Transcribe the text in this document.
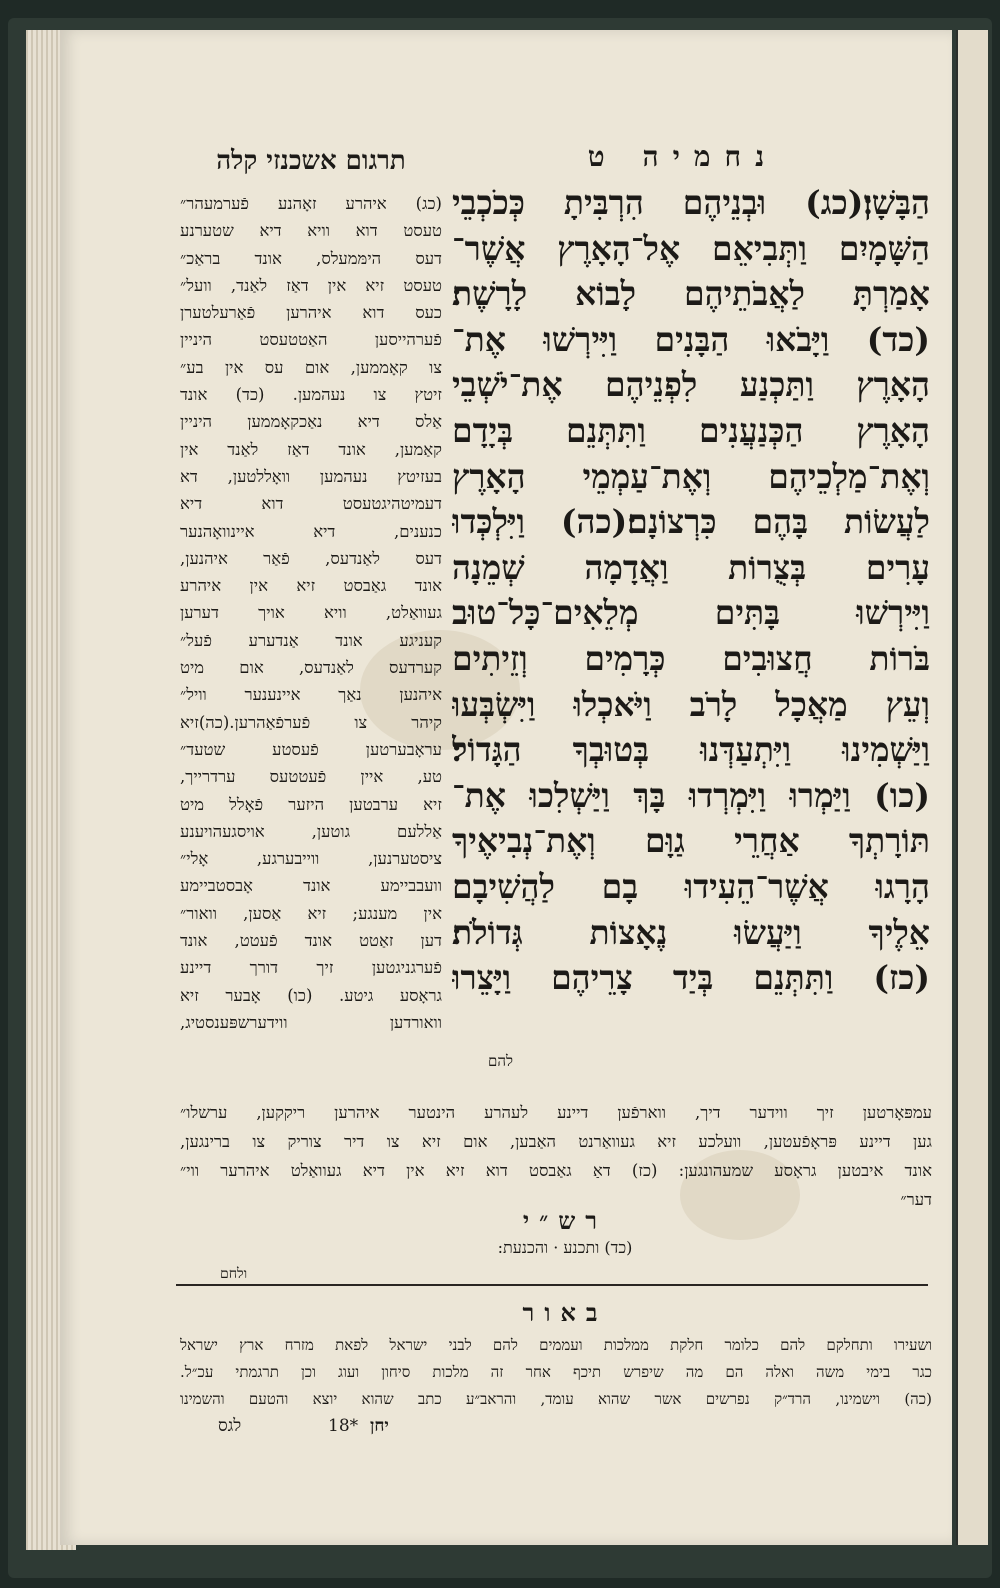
נחמיה ט
תרגום אשכנזי קלה
הַבָּשָׁן׃(כג) וּבְנֵיהֶם הִרְבִּיתָ כְּכֹכְבֵי
הַשָּׁמָיִם וַתְּבִיאֵם אֶל־הָאָרֶץ אֲשֶׁר־
אָמַרְתָּ לַאֲבֹתֵיהֶם לָבוֹא לָרָשֶׁת׃
(כד) וַיָּבֹאוּ הַבָּנִים וַיִּירְשׁוּ אֶת־
הָאָרֶץ וַתַּכְנַע לִפְנֵיהֶם אֶת־יֹשְׁבֵי
הָאָרֶץ הַכְּנַעֲנִים וַתִּתְּנֵם בְּיָדָם
וְאֶת־מַלְכֵיהֶם וְאֶת־עַמְמֵי הָאָרֶץ
לַעֲשׂוֹת בָּהֶם כִּרְצוֹנָם׃(כה) וַיִּלְכְּדוּ
עָרִים בְּצֻרוֹת וַאֲדָמָה שְׁמֵנָה
וַיִּירְשׁוּ בָּתִּים מְלֵאִים־כָּל־טוּב
בֹּרוֹת חֲצוּבִים כְּרָמִים וְזֵיתִים
וְעֵץ מַאֲכָל לָרֹב וַיֹּאכְלוּ וַיִּשְׂבְּעוּ
וַיַּשְׁמִינוּ וַיִּתְעַדְּנוּ בְּטוּבְךָ הַגָּדוֹל׃
(כו) וַיַּמְרוּ וַיִּמְרְדוּ בָּךְ וַיַּשְׁלִכוּ אֶת־
תּוֹרָתְךָ אַחֲרֵי גַוָּם וְאֶת־נְבִיאֶיךָ
הָרָגוּ אֲשֶׁר־הֵעִידוּ בָם לַהֲשִׁיבָם
אֵלֶיךָ וַיַּעֲשׂוּ נֶאָצוֹת גְּדוֹלֹת׃
(כז) וַתִּתְּנֵם בְּיַד צָרֵיהֶם וַיָּצֵרוּ
להם
(כג) איהרע זאָהנע פֿערמעהר״
טעסט דוא וויא דיא שטערנע
דעס הימּמעלס, אונד בראַכ״
טעסט זיא אין דאַז לאַנד, וועל״
כעס דוא איהרען פֿאַרעלטערן
פֿערהייסען האַטטעסט היניין
צו קאָממען, אום עס אין בע״
זיטץ צו נעהמען. (כד) אונד
אַלס דיא נאַכקאָממען היניין
קאַמען, אונד דאַז לאַנד אין
בעזיטץ נעהמען וואָללטען, דא
דעמיטהיגטעסט דוא דיא
כנענים, דיא איינוואָהנער
דעס לאַנדעס, פֿאַר איהנען,
אונד גאַבסט זיא אין איהרע
געוואַלט, וויא אויך דערען
קעניגע אונד אַנדערע פֿעל״
קערדעס לאַנדעס, אום מיט
איהנען נאַך איינענער וויל״
קיהר צו פֿערפֿאַהרען.(כה)זיא
עראָבערטען פֿעסטע שטעד״
טע, איין פֿעטטעס ערדרייך,
זיא ערבטען היזער פֿאָלל מיט
אַללעם גוטען, אויסגעהויענע
ציסטערנען, ווייבערגע, אָלי״
וועבביימע אונד אָבסטביימע
אין מענגע; זיא אַסען, וואור״
דען זאַטט אונד פֿעטט, אונד
פֿערגניגטען זיך דורך דיינע
גראָסע גיטע. (כו) אָבער זיא
וואורדען ווידערשפּענסטיג,
עמפּאָרטען זיך ווידער דיך, ווארפֿען דיינע לעהרע הינטער איהרען ריקקען, ערשלו״
גען דיינע פּראָפֿעטען, וועלכע זיא געוואַרנט האַבען, אום זיא צו דיר צוריק צו ברינגען,
אונד איבטען גראָסע שמעהונגען: (כז) דאַ גאַבסט דוא זיא אין דיא געוואַלט איהרער ווי״
דער״
רש״י
(כד) ותכנע · והכנעת:
ולחם
באור
ושעירו ותחלקם להם כלומר חלקת ממלכות ועממים להם לבני ישראל לפאת מזרח ארץ ישראל
כגר בימי משה ואלה הם מה שיפרש תיכף אחר זה מלכות סיחון ועוג וכן תרגמתי עכ״ל.
(כה) וישמינו, הרד״ק נפרשים אשר שהוא עומד, והראב״ע כתב שהוא יוצא והטעם והשמינו
יחן
18*
לגס
